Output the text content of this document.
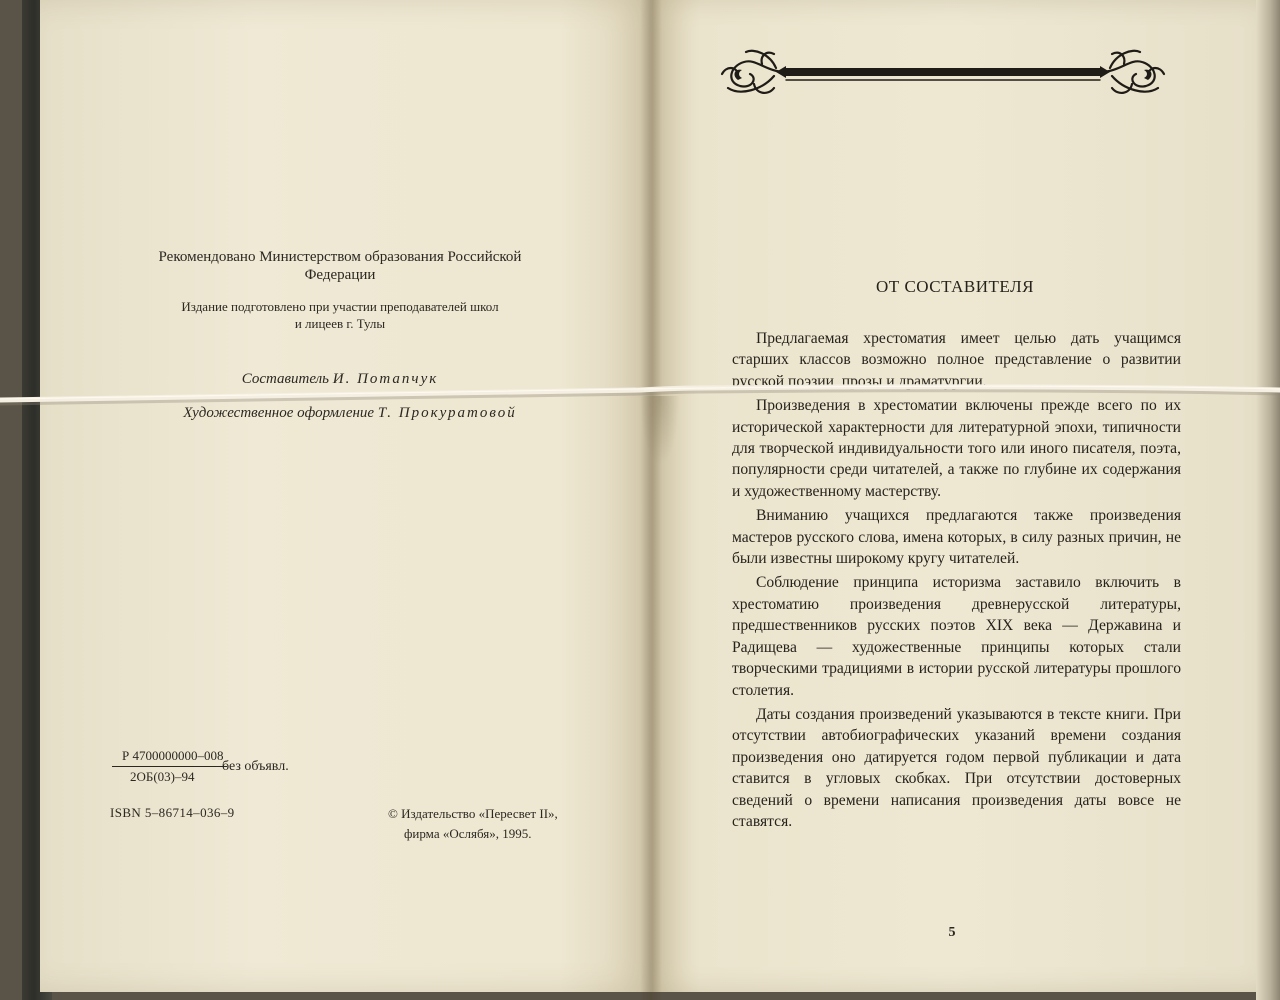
Рекомендовано Министерством образования Российской Федерации
Издание подготовлено при участии преподавателей школ и лицеев г. Тулы
Составитель И. Потапчук
Художественное оформление Т. Прокуратовой
Р 4700000000–008
2ОБ(03)–94
без объявл.
ISBN 5–86714–036–9	© Издательство «Пересвет II»,
фирма «Ослябя», 1995.
ОТ СОСТАВИТЕЛЯ

Предлагаемая хрестоматия имеет целью дать учащимся старших классов возможно полное представление о развитии русской поэзии, прозы и драматургии.

Произведения в хрестоматии включены прежде всего по их исторической характерности для литературной эпохи, типичности для творческой индивидуальности того или иного писателя, поэта, популярности среди читателей, а также по глубине их содержания и художественному мастерству.

Вниманию учащихся предлагаются также произведения мастеров русского слова, имена которых, в силу разных причин, не были известны широкому кругу читателей.

Соблюдение принципа историзма заставило включить в хрестоматию произведения древнерусской литературы, предшественников русских поэтов XIX века — Державина и Радищева — художественные принципы которых стали творческими традициями в истории русской литературы прошлого столетия.

Даты создания произведений указываются в тексте книги. При отсутствии автобиографических указаний времени создания произведения оно датируется годом первой публикации и дата ставится в угловых скобках. При отсутствии достоверных сведений о времени написания произведения даты вовсе не ставятся.

5
